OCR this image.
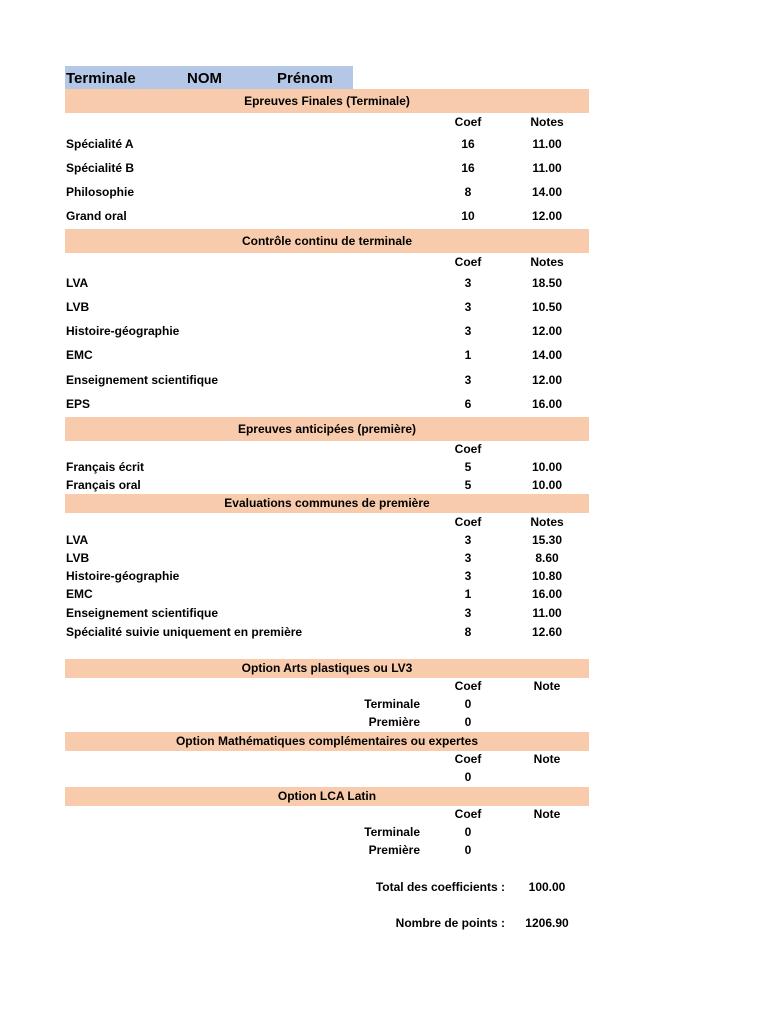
Terminale	NOM	Prénom
Epreuves Finales (Terminale)
Coef	Notes
Spécialité A	16	11.00
Spécialité B	16	11.00
Philosophie	8	14.00
Grand oral	10	12.00
Contrôle continu de terminale
Coef	Notes
LVA	3	18.50
LVB	3	10.50
Histoire-géographie	3	12.00
EMC	1	14.00
Enseignement scientifique	3	12.00
EPS	6	16.00
Epreuves anticipées (première)
Coef
Français écrit	5	10.00
Français oral	5	10.00
Evaluations communes de première
Coef	Notes
LVA	3	15.30
LVB	3	8.60
Histoire-géographie	3	10.80
EMC	1	16.00
Enseignement scientifique	3	11.00
Spécialité suivie uniquement en première	8	12.60
Option Arts plastiques ou LV3
Coef	Note
Terminale	0
Première	0
Option Mathématiques complémentaires ou expertes
Coef	Note
0
Option LCA Latin
Coef	Note
Terminale	0
Première	0
Total des coefficients :	100.00
Nombre de points :	1206.90
